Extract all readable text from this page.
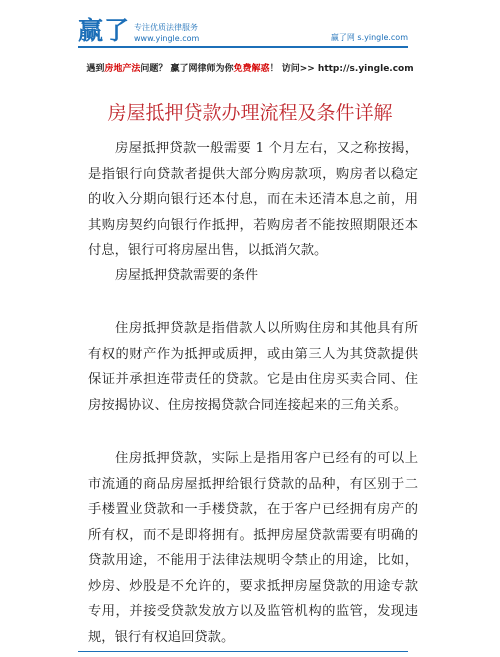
赢了 专注优质法律服务
www.yingle.com	赢了网 s.yingle.com
遇到房地产法问题？ 赢了网律师为你免费解惑！ 访问>> http://s.yingle.com
房屋抵押贷款办理流程及条件详解

房屋抵押贷款一般需要 1 个月左右，又之称按揭，是指银行向贷款者提供大部分购房款项，购房者以稳定的收入分期向银行还本付息，而在未还清本息之前，用其购房契约向银行作抵押，若购房者不能按照期限还本付息，银行可将房屋出售，以抵消欠款。

房屋抵押贷款需要的条件

住房抵押贷款是指借款人以所购住房和其他具有所有权的财产作为抵押或质押，或由第三人为其贷款提供保证并承担连带责任的贷款。它是由住房买卖合同、住房按揭协议、住房按揭贷款合同连接起来的三角关系。

住房抵押贷款，实际上是指用客户已经有的可以上市流通的商品房屋抵押给银行贷款的品种，有区别于二手楼置业贷款和一手楼贷款，在于客户已经拥有房产的所有权，而不是即将拥有。抵押房屋贷款需要有明确的贷款用途，不能用于法律法规明令禁止的用途，比如，炒房、炒股是不允许的，要求抵押房屋贷款的用途专款专用，并接受贷款发放方以及监管机构的监管，发现违规，银行有权追回贷款。
